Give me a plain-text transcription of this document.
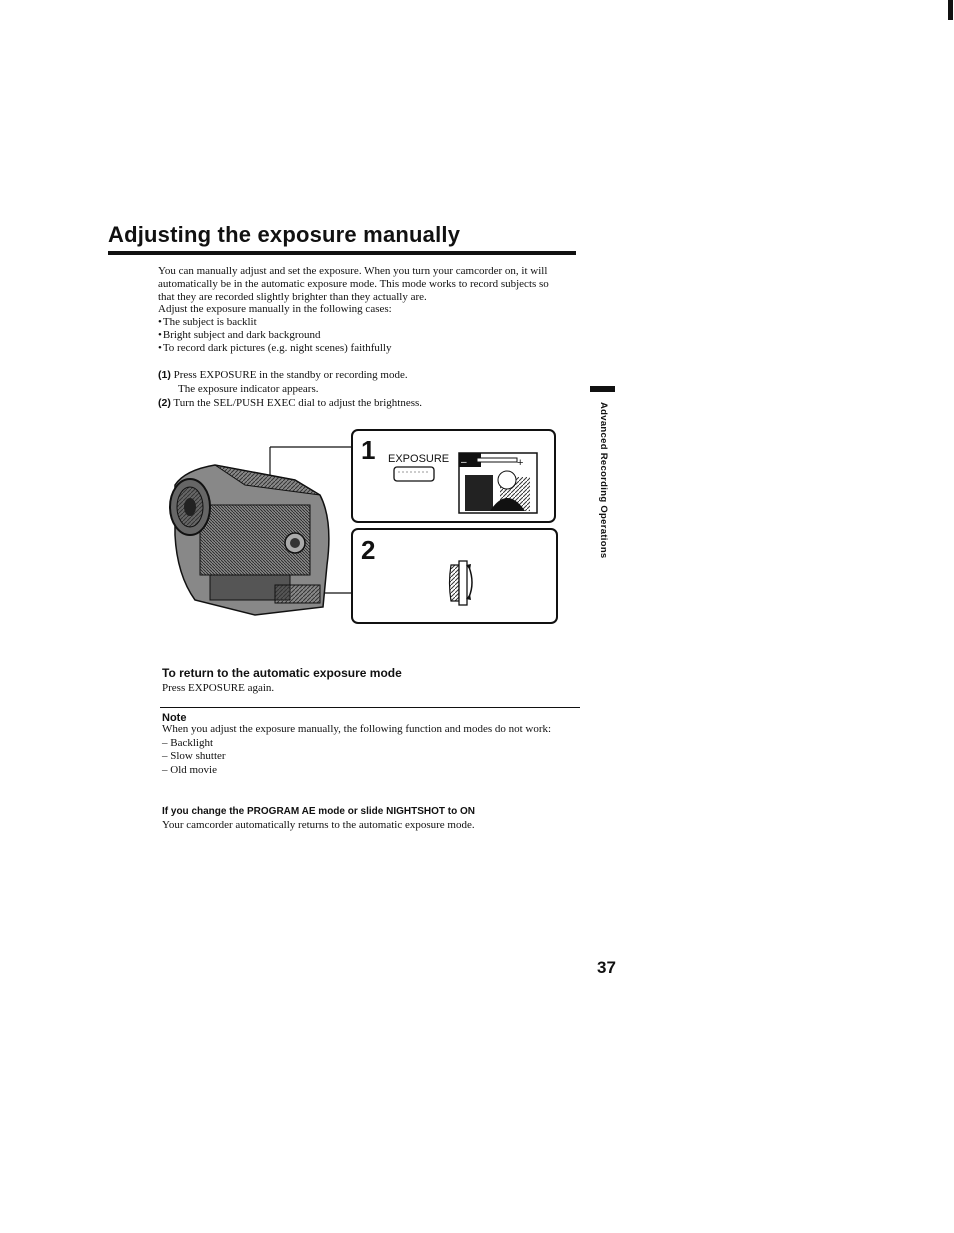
Adjusting the exposure manually

You can manually adjust and set the exposure. When you turn your camcorder on, it will automatically be in the automatic exposure mode. This mode works to record subjects so that they are recorded slightly brighter than they actually are.

Adjust the exposure manually in the following cases:

• The subject is backlit
• Bright subject and dark background
• To record dark pictures (e.g. night scenes) faithfully
(1) Press EXPOSURE in the standby or recording mode.
The exposure indicator appears.
(2) Turn the SEL/PUSH EXEC dial to adjust the brightness.
1 EXPOSURE –	+
2
To return to the automatic exposure mode
Press EXPOSURE again.
Note

When you adjust the exposure manually, the following function and modes do not work:

– Backlight
– Slow shutter
– Old movie
If you change the PROGRAM AE mode or slide NIGHTSHOT to ON
Your camcorder automatically returns to the automatic exposure mode.
Advanced Recording Operations
37
